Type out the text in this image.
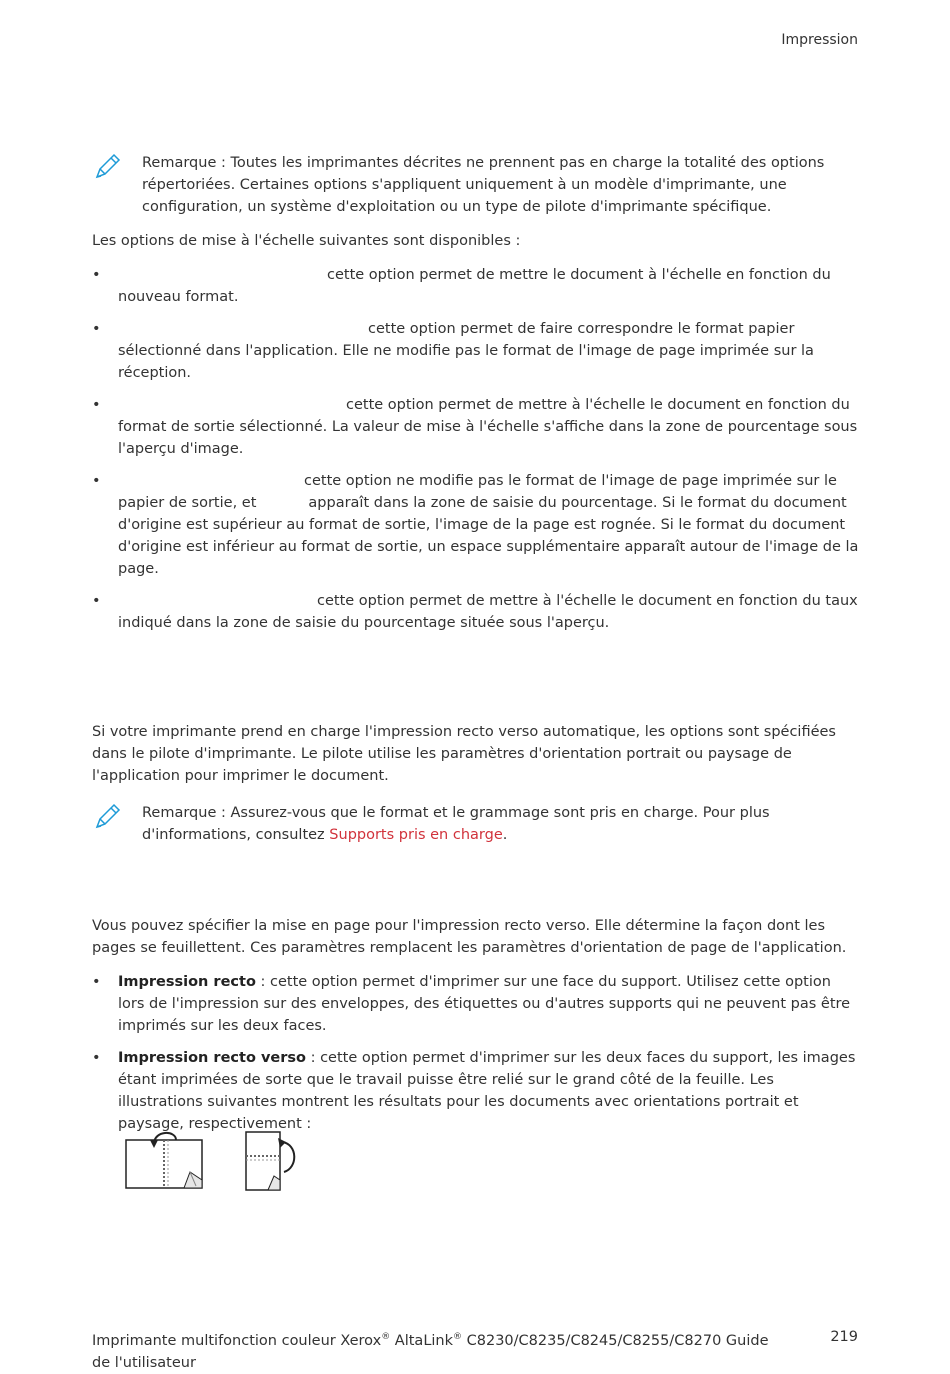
Impression
Remarque : Toutes les imprimantes décrites ne prennent pas en charge la totalité des options répertoriées. Certaines options s'appliquent uniquement à un modèle d'imprimante, une configuration, un système d'exploitation ou un type de pilote d'imprimante spécifique.
Les options de mise à l'échelle suivantes sont disponibles :
•	cette option permet de mettre le document à l'échelle en fonction du nouveau format.
•	cette option permet de faire correspondre le format papier sélectionné dans l'application. Elle ne modifie pas le format de l'image de page imprimée sur la réception.
•	cette option permet de mettre à l'échelle le document en fonction du format de sortie sélectionné. La valeur de mise à l'échelle s'affiche dans la zone de pourcentage sous l'aperçu d'image.
•	cette option ne modifie pas le format de l'image de page imprimée sur le papier de sortie, et	apparaît dans la zone de saisie du pourcentage. Si le format du document d'origine est supérieur au format de sortie, l'image de la page est rognée. Si le format du document d'origine est inférieur au format de sortie, un espace supplémentaire apparaît autour de l'image de la page.
•	cette option permet de mettre à l'échelle le document en fonction du taux indiqué dans la zone de saisie du pourcentage située sous l'aperçu.
Si votre imprimante prend en charge l'impression recto verso automatique, les options sont spécifiées dans le pilote d'imprimante. Le pilote utilise les paramètres d'orientation portrait ou paysage de l'application pour imprimer le document.
Remarque : Assurez-vous que le format et le grammage sont pris en charge. Pour plus d'informations, consultez Supports pris en charge.
Vous pouvez spécifier la mise en page pour l'impression recto verso. Elle détermine la façon dont les pages se feuillettent. Ces paramètres remplacent les paramètres d'orientation de page de l'application.
• Impression recto : cette option permet d'imprimer sur une face du support. Utilisez cette option lors de l'impression sur des enveloppes, des étiquettes ou d'autres supports qui ne peuvent pas être imprimés sur les deux faces.
• Impression recto verso : cette option permet d'imprimer sur les deux faces du support, les images étant imprimées de sorte que le travail puisse être relié sur le grand côté de la feuille. Les illustrations suivantes montrent les résultats pour les documents avec orientations portrait et paysage, respectivement :
Imprimante multifonction couleur Xerox® AltaLink® C8230/C8235/C8245/C8255/C8270 Guide de l'utilisateur
219
